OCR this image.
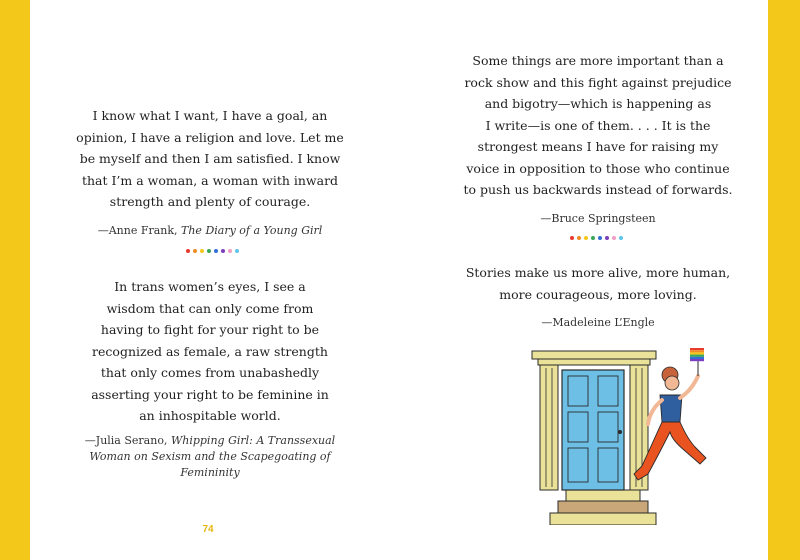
I know what I want, I have a goal, an
opinion, I have a religion and love. Let me
be myself and then I am satisfied. I know
that I’m a woman, a woman with inward
strength and plenty of courage.

—Anne Frank, The Diary of a Young Girl

In trans women’s eyes, I see a
wisdom that can only come from
having to fight for your right to be
recognized as female, a raw strength
that only comes from unabashedly
asserting your right to be feminine in
an inhospitable world.

—Julia Serano, Whipping Girl: A Transsexual
Woman on Sexism and the Scapegoating of Femininity

Some things are more important than a
rock show and this fight against prejudice
and bigotry—which is happening as
I write—is one of them. . . . It is the
strongest means I have for raising my
voice in opposition to those who continue
to push us backwards instead of forwards.

—Bruce Springsteen

Stories make us more alive, more human,
more courageous, more loving.

—Madeleine L’Engle

74
